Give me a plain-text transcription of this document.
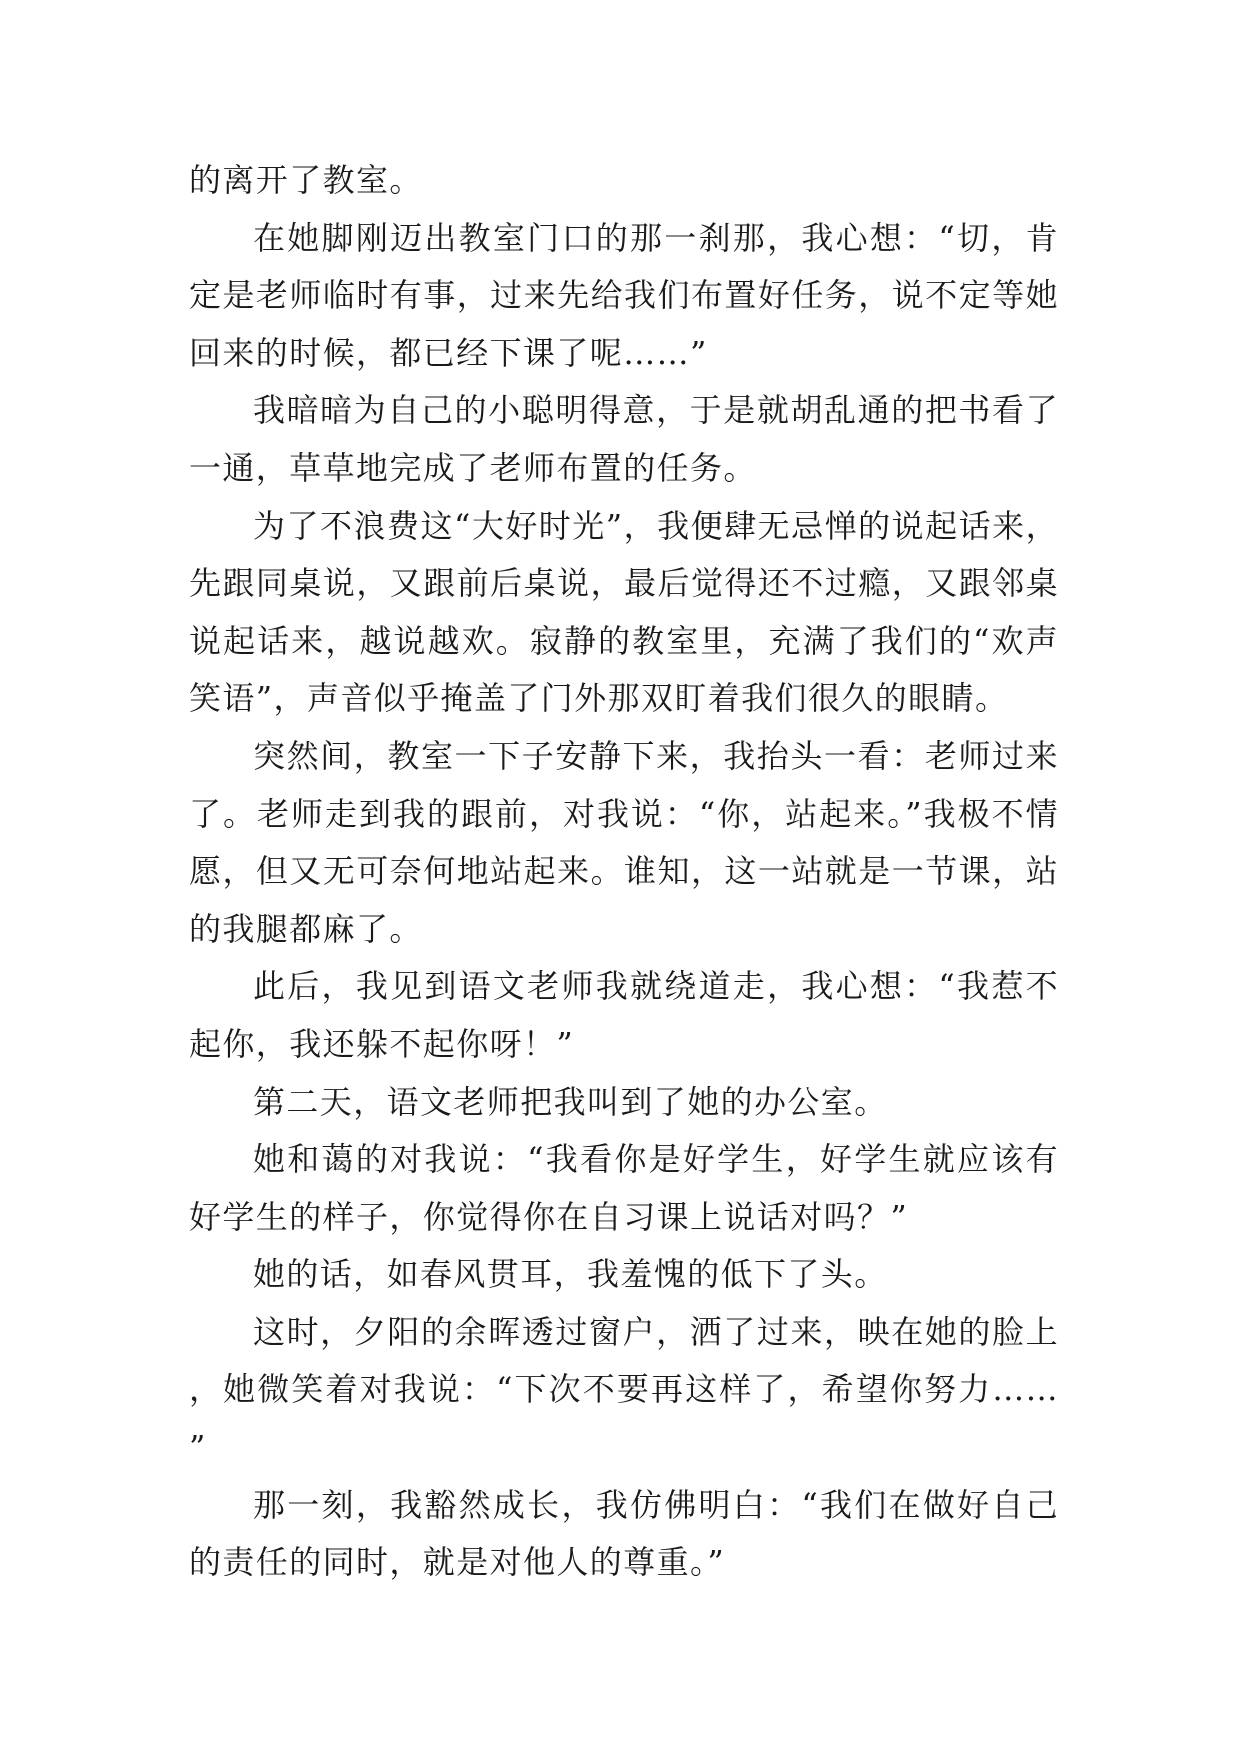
的离开了教室。

在她脚刚迈出教室门口的那一刹那，我心想：“切，肯定是老师临时有事，过来先给我们布置好任务，说不定等她回来的时候，都已经下课了呢……”

我暗暗为自己的小聪明得意，于是就胡乱通的把书看了一通，草草地完成了老师布置的任务。

为了不浪费这“大好时光”，我便肆无忌惮的说起话来，先跟同桌说，又跟前后桌说，最后觉得还不过瘾，又跟邻桌说起话来，越说越欢。寂静的教室里，充满了我们的“欢声笑语”，声音似乎掩盖了门外那双盯着我们很久的眼睛。

突然间，教室一下子安静下来，我抬头一看：老师过来了。老师走到我的跟前，对我说：“你，站起来。”我极不情愿，但又无可奈何地站起来。谁知，这一站就是一节课，站的我腿都麻了。

此后，我见到语文老师我就绕道走，我心想：“我惹不起你，我还躲不起你呀！”

第二天，语文老师把我叫到了她的办公室。

她和蔼的对我说：“我看你是好学生，好学生就应该有好学生的样子，你觉得你在自习课上说话对吗？”

她的话，如春风贯耳，我羞愧的低下了头。

这时，夕阳的余晖透过窗户，洒了过来，映在她的脸上，她微笑着对我说：“下次不要再这样了，希望你努力……”

那一刻，我豁然成长，我仿佛明白：“我们在做好自己的责任的同时，就是对他人的尊重。”
